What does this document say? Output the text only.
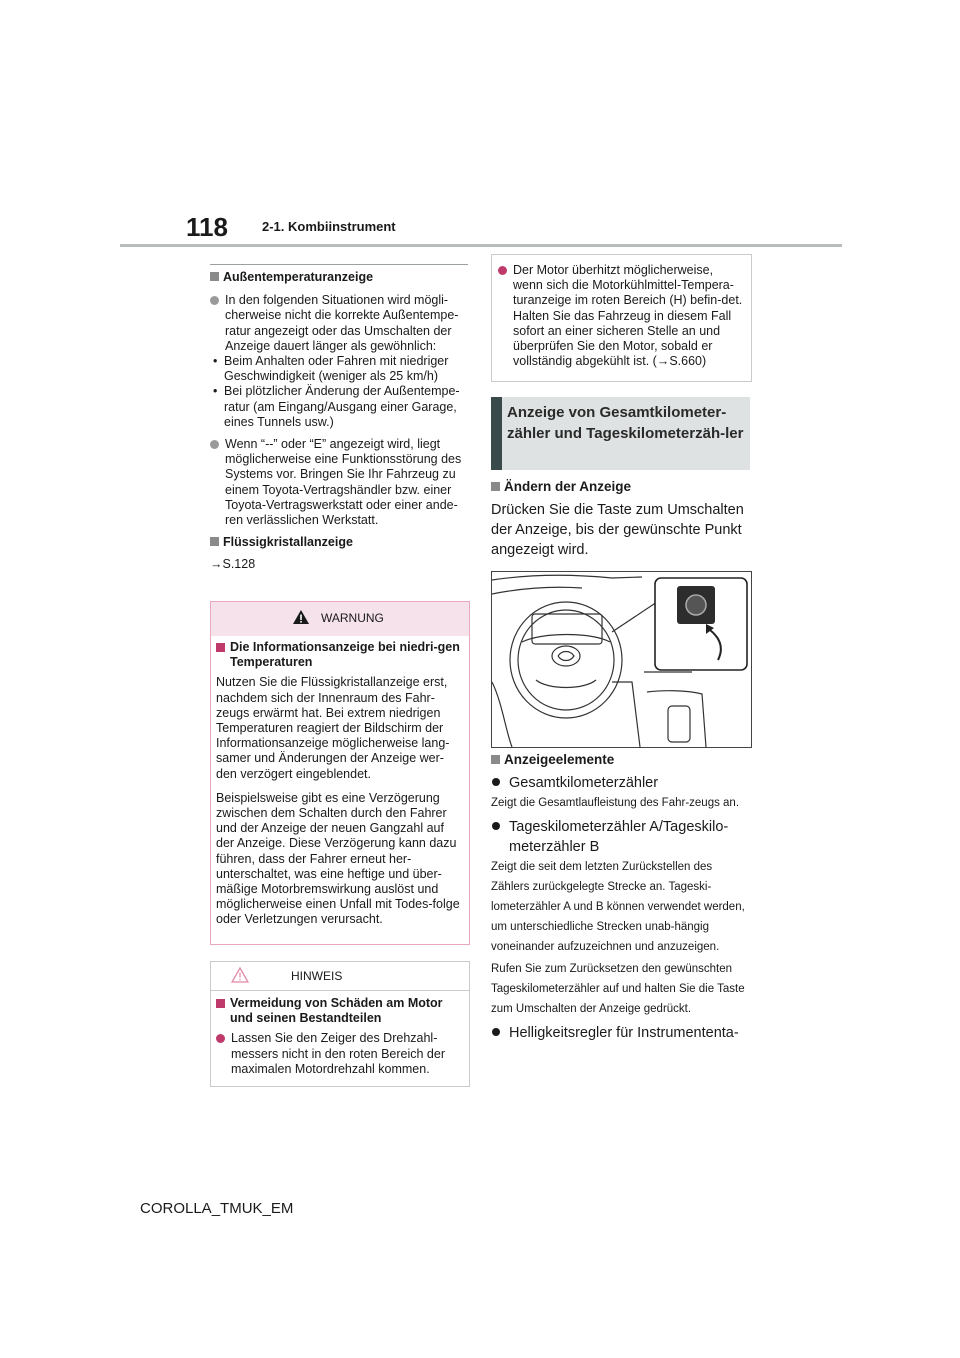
118	2-1. Kombiinstrument
Außentemperaturanzeige
In den folgenden Situationen wird mögli-cherweise nicht die korrekte Außentempe-ratur angezeigt oder das Umschalten der Anzeige dauert länger als gewöhnlich:
• Beim Anhalten oder Fahren mit niedriger Geschwindigkeit (weniger als 25 km/h)
• Bei plötzlicher Änderung der Außentempe-ratur (am Eingang/Ausgang einer Garage, eines Tunnels usw.)
Wenn “--” oder “E” angezeigt wird, liegt möglicherweise eine Funktionsstörung des Systems vor. Bringen Sie Ihr Fahrzeug zu einem Toyota-Vertragshändler bzw. einer Toyota-Vertragswerkstatt oder einer ande-ren verlässlichen Werkstatt.
Flüssigkristallanzeige
→S.128
WARNUNG
Die Informationsanzeige bei niedri-gen Temperaturen
Nutzen Sie die Flüssigkristallanzeige erst, nachdem sich der Innenraum des Fahr-zeugs erwärmt hat. Bei extrem niedrigen Temperaturen reagiert der Bildschirm der Informationsanzeige möglicherweise lang-samer und Änderungen der Anzeige wer-den verzögert eingeblendet.
Beispielsweise gibt es eine Verzögerung zwischen dem Schalten durch den Fahrer und der Anzeige der neuen Gangzahl auf der Anzeige. Diese Verzögerung kann dazu führen, dass der Fahrer erneut her-unterschaltet, was eine heftige und über-mäßige Motorbremswirkung auslöst und möglicherweise einen Unfall mit Todes-folge oder Verletzungen verursacht.
HINWEIS
Vermeidung von Schäden am Motor und seinen Bestandteilen
Lassen Sie den Zeiger des Drehzahl-messers nicht in den roten Bereich der maximalen Motordrehzahl kommen.
Der Motor überhitzt möglicherweise, wenn sich die Motorkühlmittel-Tempera-turanzeige im roten Bereich (H) befin-det. Halten Sie das Fahrzeug in diesem Fall sofort an einer sicheren Stelle an und überprüfen Sie den Motor, sobald er vollständig abgekühlt ist. (→S.660)
Anzeige von Gesamtkilometer-zähler und Tageskilometerzäh-ler
Ändern der Anzeige
Drücken Sie die Taste zum Umschalten der Anzeige, bis der gewünschte Punkt angezeigt wird.
Anzeigeelemente
Gesamtkilometerzähler
Zeigt die Gesamtlaufleistung des Fahr-zeugs an.
Tageskilometerzähler A/Tageskilo-meterzähler B
Zeigt die seit dem letzten Zurückstellen des Zählers zurückgelegte Strecke an. Tageski-lometerzähler A und B können verwendet werden, um unterschiedliche Strecken unab-hängig voneinander aufzuzeichnen und anzuzeigen.
Rufen Sie zum Zurücksetzen den gewünschten Tageskilometerzähler auf und halten Sie die Taste zum Umschalten der Anzeige gedrückt.
Helligkeitsregler für Instrumententa-
COROLLA_TMUK_EM
